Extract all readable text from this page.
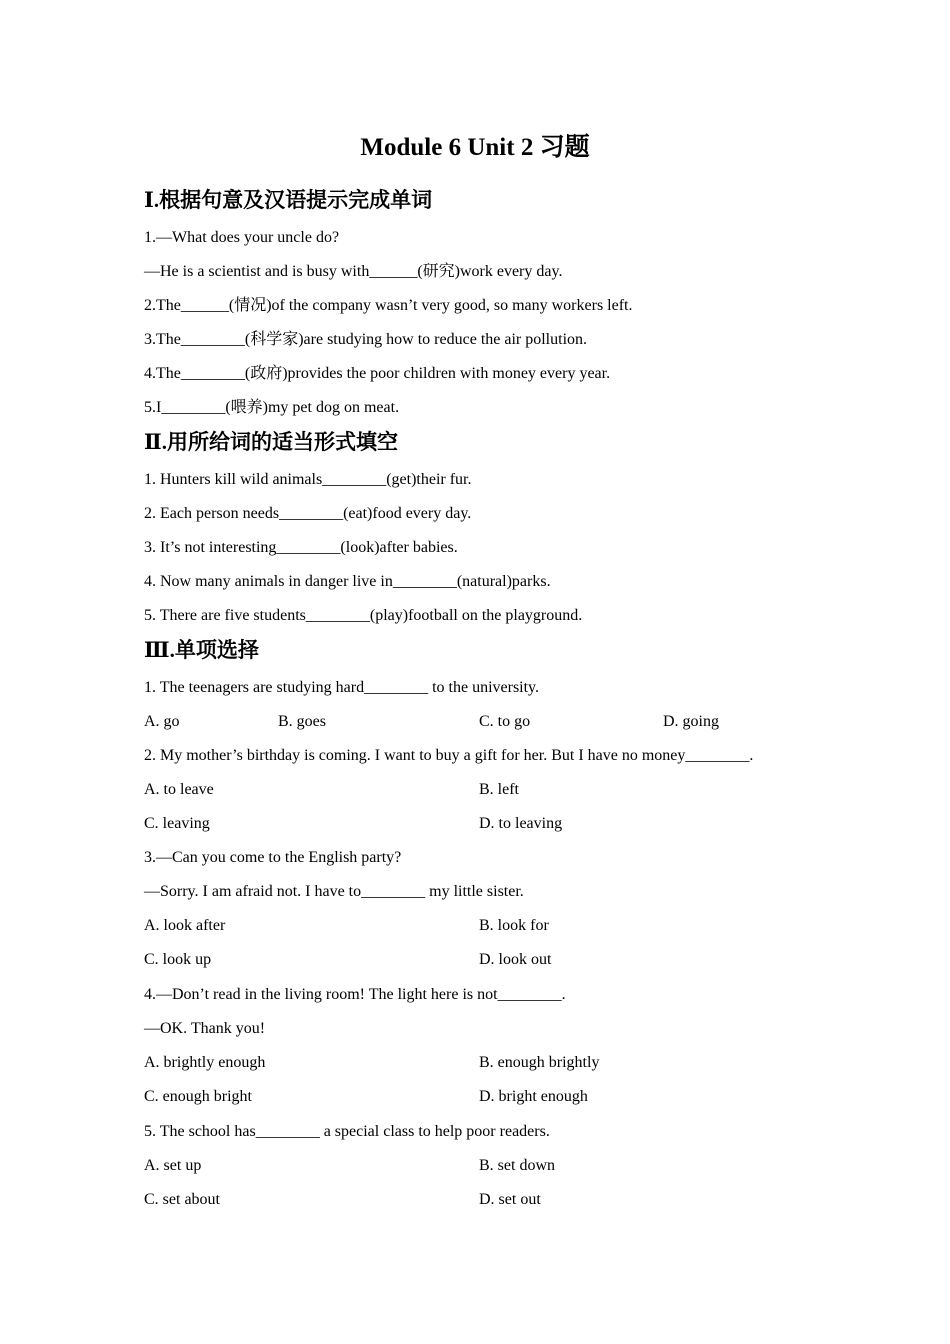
Module 6 Unit 2 习题
Ⅰ.根据句意及汉语提示完成单词
1.—What does your uncle do?
—He is a scientist and is busy with______(研究)work every day.
2.The______(情况)of the company wasn’t very good, so many workers left.
3.The________(科学家)are studying how to reduce the air pollution.
4.The________(政府)provides the poor children with money every year.
5.I________(喂养)my pet dog on meat.
Ⅱ.用所给词的适当形式填空
1. Hunters kill wild animals________(get)their fur.
2. Each person needs________(eat)food every day.
3. It’s not interesting________(look)after babies.
4. Now many animals in danger live in________(natural)parks.
5. There are five students________(play)football on the playground.
Ⅲ.单项选择
1. The teenagers are studying hard________ to the university.
A. go	B. goes	C. to go	D. going
2. My mother’s birthday is coming. I want to buy a gift for her. But I have no money________.
A. to leave	B. left
C. leaving	D. to leaving
3.—Can you come to the English party?
—Sorry. I am afraid not. I have to________ my little sister.
A. look after	B. look for
C. look up	D. look out
4.—Don’t read in the living room! The light here is not________.
—OK. Thank you!
A. brightly enough	B. enough brightly
C. enough bright	D. bright enough
5. The school has________ a special class to help poor readers.
A. set up	B. set down
C. set about	D. set out
